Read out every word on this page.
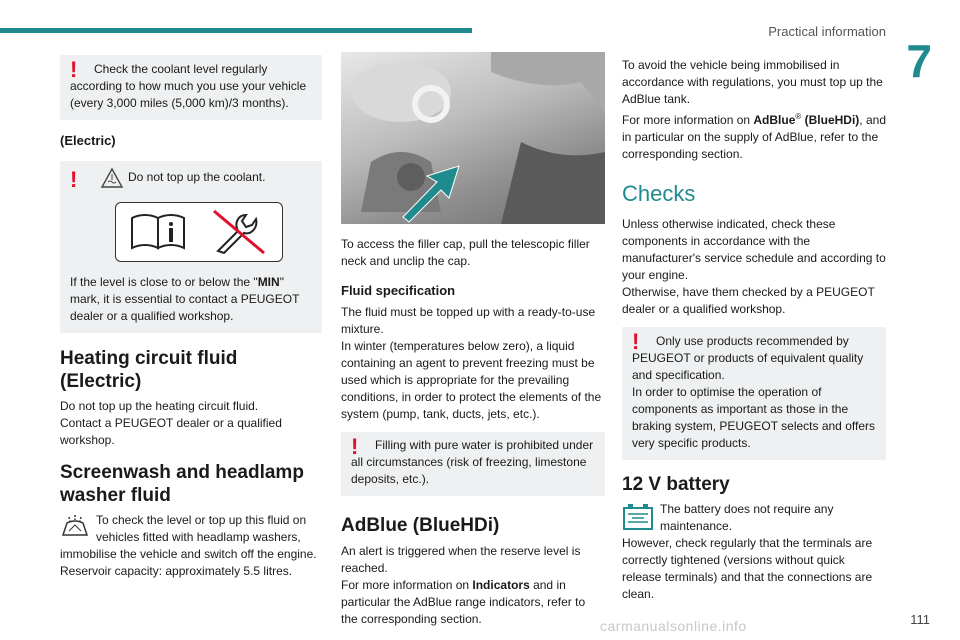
Practical information
7
!	Check the coolant level regularly according to how much you use your vehicle (every 3,000 miles (5,000 km)/3 months).

(Electric)

!	Do not top up the coolant.

If the level is close to or below the "MIN" mark, it is essential to contact a PEUGEOT dealer or a qualified workshop.

Heating circuit fluid (Electric)

Do not top up the heating circuit fluid.
Contact a PEUGEOT dealer or a qualified workshop.

Screenwash and headlamp washer fluid

To check the level or top up this fluid on vehicles fitted with headlamp washers, immobilise the vehicle and switch off the engine.
Reservoir capacity: approximately 5.5 litres.

To access the filler cap, pull the telescopic filler neck and unclip the cap.

Fluid specification

The fluid must be topped up with a ready-to-use mixture.
In winter (temperatures below zero), a liquid containing an agent to prevent freezing must be used which is appropriate for the prevailing conditions, in order to protect the elements of the system (pump, tank, ducts, jets, etc.).

!	Filling with pure water is prohibited under all circumstances (risk of freezing, limestone deposits, etc.).

AdBlue (BlueHDi)

An alert is triggered when the reserve level is reached.

For more information on Indicators and in particular the AdBlue range indicators, refer to the corresponding section.

To avoid the vehicle being immobilised in accordance with regulations, you must top up the AdBlue tank.

For more information on AdBlue® (BlueHDi), and in particular on the supply of AdBlue, refer to the corresponding section.

Checks

Unless otherwise indicated, check these components in accordance with the manufacturer's service schedule and according to your engine.
Otherwise, have them checked by a PEUGEOT dealer or a qualified workshop.

!	Only use products recommended by PEUGEOT or products of equivalent quality and specification.
In order to optimise the operation of components as important as those in the braking system, PEUGEOT selects and offers very specific products.

12 V battery

The battery does not require any maintenance.

However, check regularly that the terminals are correctly tightened (versions without quick release terminals) and that the connections are clean.

111
carmanualsonline.info
